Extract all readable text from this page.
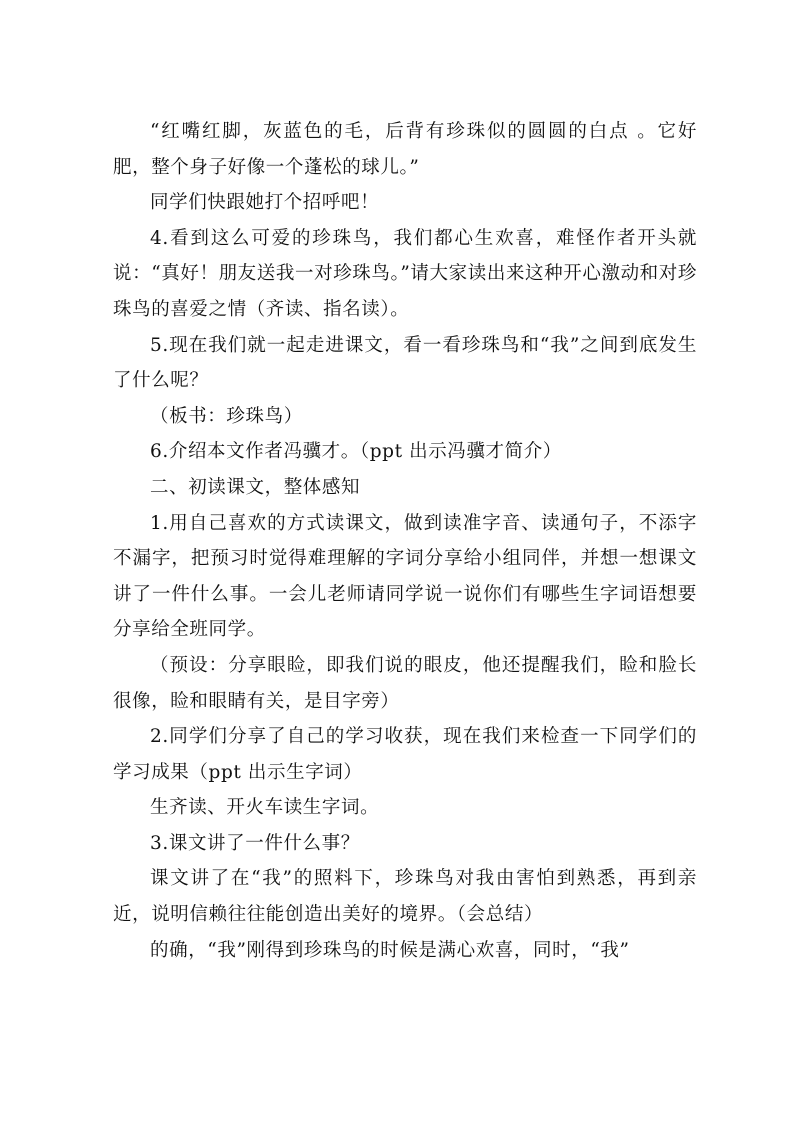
“红嘴红脚，灰蓝色的毛，后背有珍珠似的圆圆的白点 。它好肥，整个身子好像一个蓬松的球儿。”

同学们快跟她打个招呼吧！

4.看到这么可爱的珍珠鸟，我们都心生欢喜，难怪作者开头就说：“真好！朋友送我一对珍珠鸟。”请大家读出来这种开心激动和对珍珠鸟的喜爱之情（齐读、指名读）。

5.现在我们就一起走进课文，看一看珍珠鸟和“我”之间到底发生了什么呢？

（板书：珍珠鸟）

6.介绍本文作者冯骥才。（ppt 出示冯骥才简介）

二、初读课文，整体感知

1.用自己喜欢的方式读课文，做到读准字音、读通句子，不添字不漏字，把预习时觉得难理解的字词分享给小组同伴，并想一想课文讲了一件什么事。一会儿老师请同学说一说你们有哪些生字词语想要分享给全班同学。

（预设：分享眼睑，即我们说的眼皮，他还提醒我们，睑和脸长很像，睑和眼睛有关，是目字旁）

2.同学们分享了自己的学习收获，现在我们来检查一下同学们的学习成果（ppt 出示生字词）

生齐读、开火车读生字词。

3.课文讲了一件什么事？

课文讲了在“我”的照料下，珍珠鸟对我由害怕到熟悉，再到亲近，说明信赖往往能创造出美好的境界。（会总结）

的确，“我”刚得到珍珠鸟的时候是满心欢喜，同时，“我”
